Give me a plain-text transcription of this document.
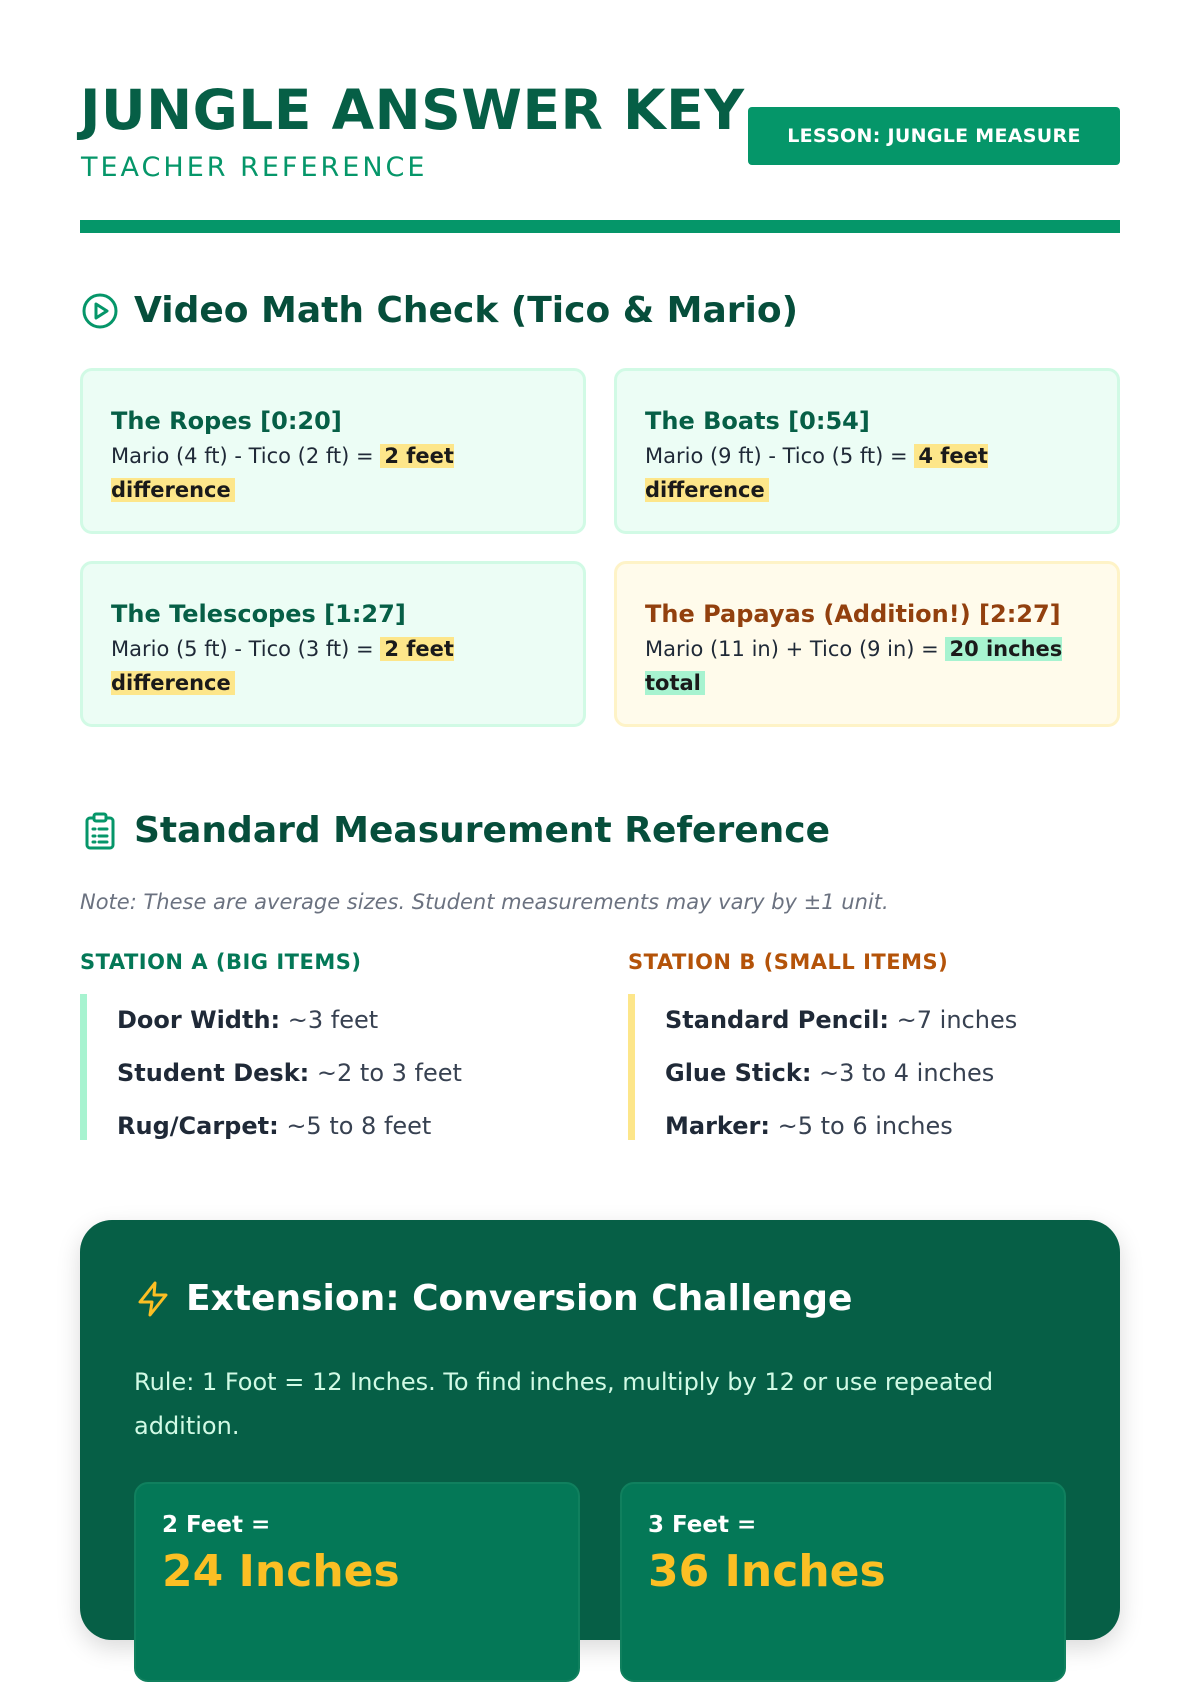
JUNGLE ANSWER KEY
TEACHER REFERENCE
LESSON: JUNGLE MEASURE
Video Math Check (Tico & Mario)
The Ropes [0:20]
Mario (4 ft) - Tico (2 ft) = 2 feet difference
The Boats [0:54]
Mario (9 ft) - Tico (5 ft) = 4 feet difference
The Telescopes [1:27]
Mario (5 ft) - Tico (3 ft) = 2 feet difference
The Papayas (Addition!) [2:27]
Mario (11 in) + Tico (9 in) = 20 inches total
Standard Measurement Reference
Note: These are average sizes. Student measurements may vary by ±1 unit.
STATION A (BIG ITEMS)	STATION B (SMALL ITEMS)
Door Width: ~3 feet
Student Desk: ~2 to 3 feet
Rug/Carpet: ~5 to 8 feet
Standard Pencil: ~7 inches
Glue Stick: ~3 to 4 inches
Marker: ~5 to 6 inches
Extension: Conversion Challenge
Rule: 1 Foot = 12 Inches. To find inches, multiply by 12 or use repeated addition.
2 Feet =
24 Inches
3 Feet =
36 Inches
